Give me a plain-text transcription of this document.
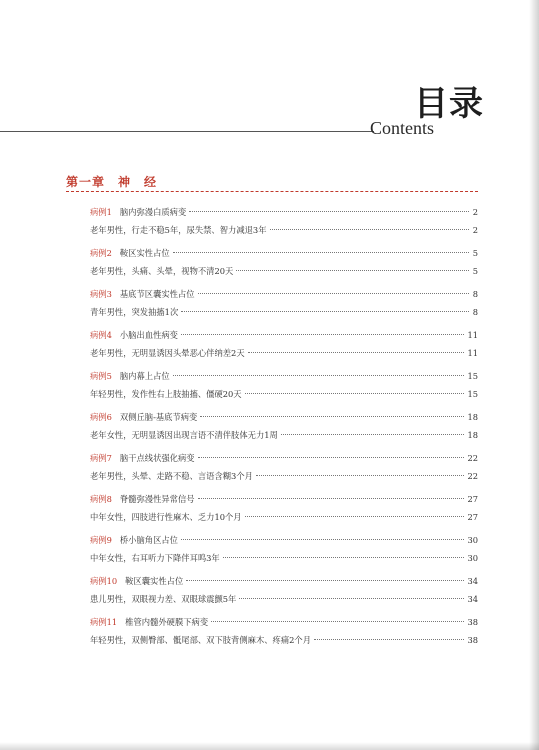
目录
Contents
第一章　神　经
病例1 脑内弥漫白质病变	2
老年男性，行走不稳5年，尿失禁、智力减退3年	2
病例2 鞍区实性占位	5
老年男性，头痛、头晕，视物不清20天	5
病例3 基底节区囊实性占位	8
青年男性，突发抽搐1次	8
病例4 小脑出血性病变	11
老年男性，无明显诱因头晕恶心伴纳差2天	11
病例5 脑内幕上占位	15
年轻男性，发作性右上肢抽搐、僵硬20天	15
病例6 双侧丘脑-基底节病变	18
老年女性，无明显诱因出现言语不清伴肢体无力1周	18
病例7 脑干点线状强化病变	22
老年男性，头晕、走路不稳、言语含糊3个月	22
病例8 脊髓弥漫性异常信号	27
中年女性，四肢进行性麻木、乏力10个月	27
病例9 桥小脑角区占位	30
中年女性，右耳听力下降伴耳鸣3年	30
病例10 鞍区囊实性占位	34
患儿男性，双眼视力差、双眼球震颤5年	34
病例11 椎管内髓外硬膜下病变	38
年轻男性，双侧臀部、骶尾部、双下肢背侧麻木、疼痛2个月	38
